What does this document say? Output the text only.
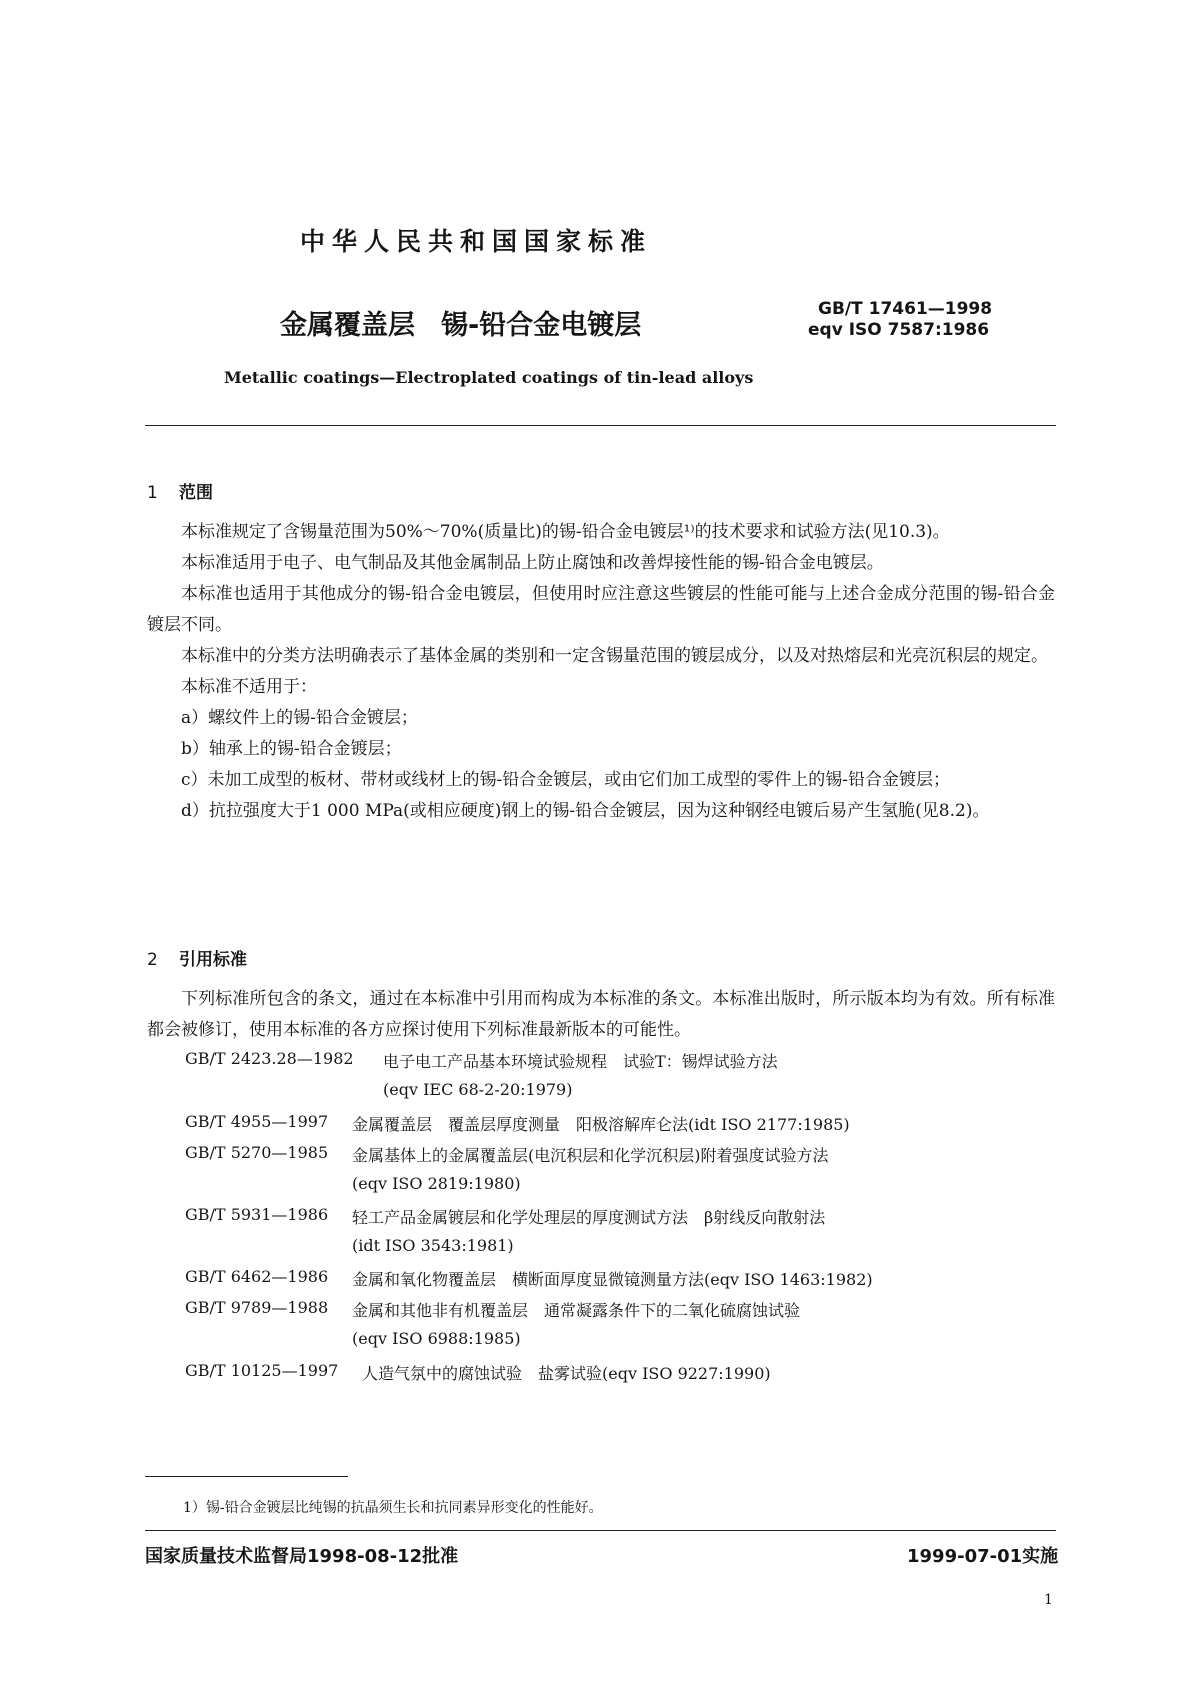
中华人民共和国国家标准
金属覆盖层 锡-铅合金电镀层
GB/T 17461—1998
eqv ISO 7587:1986
Metallic coatings—Electroplated coatings of tin-lead alloys
1 范围

本标准规定了含锡量范围为50%～70%(质量比)的锡-铅合金电镀层¹⁾的技术要求和试验方法(见10.3)。

本标准适用于电子、电气制品及其他金属制品上防止腐蚀和改善焊接性能的锡-铅合金电镀层。

本标准也适用于其他成分的锡-铅合金电镀层，但使用时应注意这些镀层的性能可能与上述合金成分范围的锡-铅合金镀层不同。

本标准中的分类方法明确表示了基体金属的类别和一定含锡量范围的镀层成分，以及对热熔层和光亮沉积层的规定。

本标准不适用于：

a）螺纹件上的锡-铅合金镀层；

b）轴承上的锡-铅合金镀层；

c）未加工成型的板材、带材或线材上的锡-铅合金镀层，或由它们加工成型的零件上的锡-铅合金镀层；

d）抗拉强度大于1 000 MPa(或相应硬度)钢上的锡-铅合金镀层，因为这种钢经电镀后易产生氢脆(见8.2)。

2 引用标准

下列标准所包含的条文，通过在本标准中引用而构成为本标准的条文。本标准出版时，所示版本均为有效。所有标准都会被修订，使用本标准的各方应探讨使用下列标准最新版本的可能性。

GB/T 2423.28—1982 电子电工产品基本环境试验规程　试验T：锡焊试验方法
(eqv IEC 68-2-20:1979)
GB/T 4955—1997 金属覆盖层　覆盖层厚度测量　阳极溶解库仑法(idt ISO 2177:1985)
GB/T 5270—1985 金属基体上的金属覆盖层(电沉积层和化学沉积层)附着强度试验方法
(eqv ISO 2819:1980)
GB/T 5931—1986 轻工产品金属镀层和化学处理层的厚度测试方法　β射线反向散射法
(idt ISO 3543:1981)
GB/T 6462—1986 金属和氧化物覆盖层　横断面厚度显微镜测量方法(eqv ISO 1463:1982)
GB/T 9789—1988 金属和其他非有机覆盖层　通常凝露条件下的二氧化硫腐蚀试验
(eqv ISO 6988:1985)
GB/T 10125—1997 人造气氛中的腐蚀试验　盐雾试验(eqv ISO 9227:1990)
1）锡-铅合金镀层比纯锡的抗晶须生长和抗同素异形变化的性能好。
国家质量技术监督局1998-08-12批准	1999-07-01实施
1
